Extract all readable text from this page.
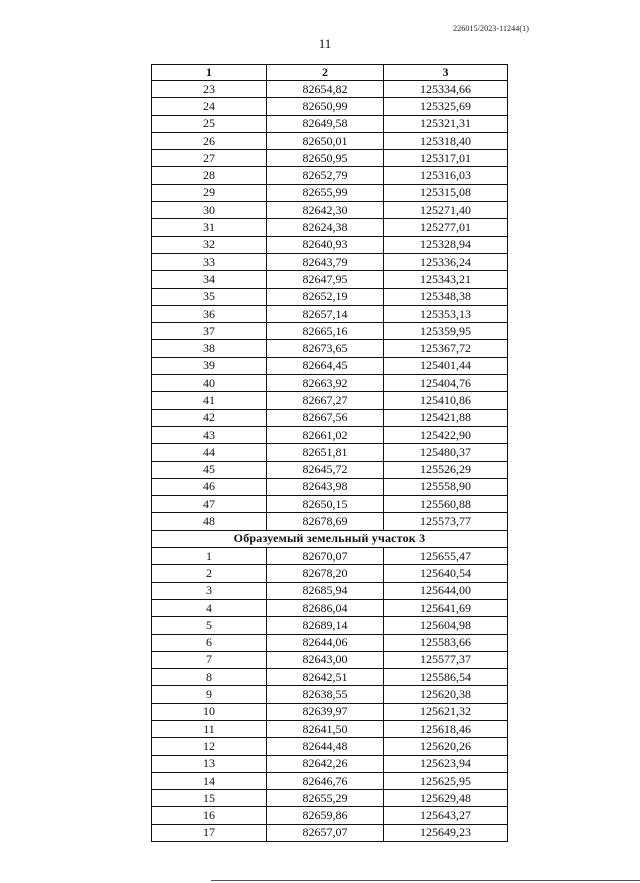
226015/2023-11244(1)
11
1	2	3
23	82654,82	125334,66
24	82650,99	125325,69
25	82649,58	125321,31
26	82650,01	125318,40
27	82650,95	125317,01
28	82652,79	125316,03
29	82655,99	125315,08
30	82642,30	125271,40
31	82624,38	125277,01
32	82640,93	125328,94
33	82643,79	125336,24
34	82647,95	125343,21
35	82652,19	125348,38
36	82657,14	125353,13
37	82665,16	125359,95
38	82673,65	125367,72
39	82664,45	125401,44
40	82663,92	125404,76
41	82667,27	125410,86
42	82667,56	125421,88
43	82661,02	125422,90
44	82651,81	125480,37
45	82645,72	125526,29
46	82643,98	125558,90
47	82650,15	125560,88
48	82678,69	125573,77
Образуемый земельный участок 3		
1	82670,07	125655,47
2	82678,20	125640,54
3	82685,94	125644,00
4	82686,04	125641,69
5	82689,14	125604,98
6	82644,06	125583,66
7	82643,00	125577,37
8	82642,51	125586,54
9	82638,55	125620,38
10	82639,97	125621,32
11	82641,50	125618,46
12	82644,48	125620,26
13	82642,26	125623,94
14	82646,76	125625,95
15	82655,29	125629,48
16	82659,86	125643,27
17	82657,07	125649,23
